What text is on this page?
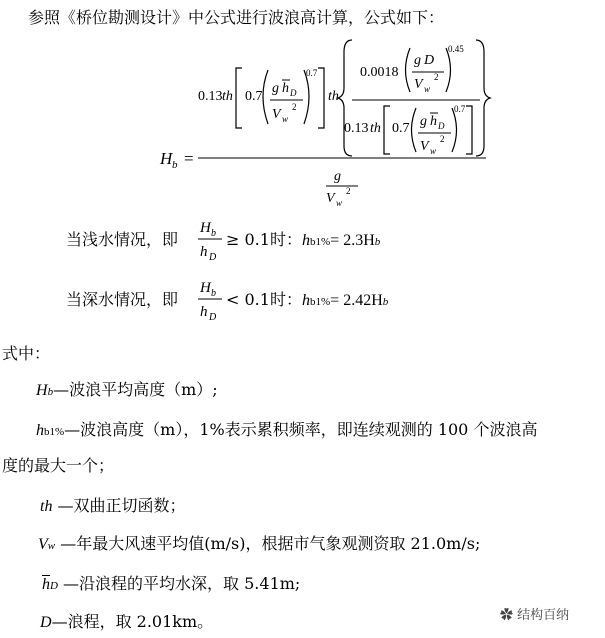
参照《桥位勘测设计》中公式进行波浪高计算，公式如下：
H b =
0.13 th 0.7
g h D
V w
2
0.7
th
0.0018
g D
V w
2
0.45
0.13 th 0.7 g h D
V w
2
0.7
g
V w
2
当浅水情况，即
H b
h D
≥ 0.1时： hb1%= 2.3Hb
当深水情况，即
H b
h D
< 0.1时： hb1%= 2.42Hb
式中：
Hb—波浪平均高度（m）;
hb1%—波浪高度（m），1%表示累积频率，即连续观测的 100 个波浪高
度的最大一个；
th —双曲正切函数；
Vw —年最大风速平均值(m/s)，根据市气象观测资取 21.0m/s;
$\overline{h}D$ —沿浪程的平均水深，取 5.41m;
D—浪程，取 2.01km。	✿ 结构百纳
